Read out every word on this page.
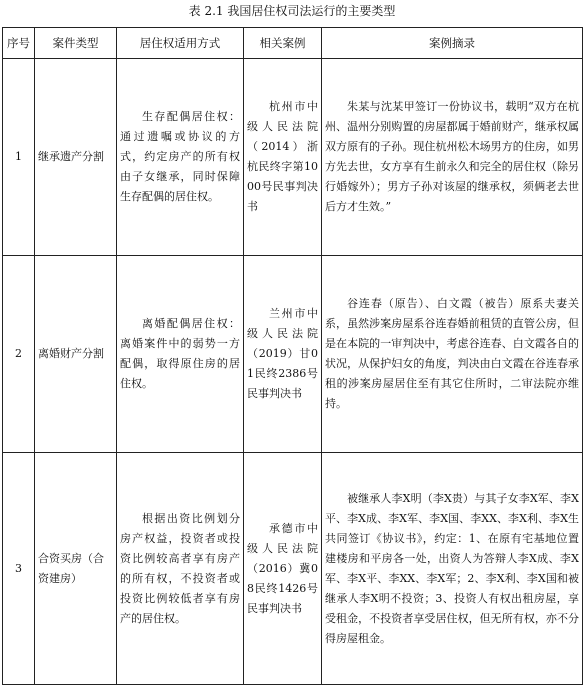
表 2.1 我国居住权司法运行的主要类型
序号	案件类型	居住权适用方式	相关案例	案例摘录
1	继承遗产分割	生存配偶居住权：通过遗嘱或协议的方式，约定房产的所有权由子女继承，同时保障生存配偶的居住权。	杭州市中级人民法院（2014）浙杭民终字第1000号民事判决书	朱某与沈某甲签订一份协议书，载明“双方在杭州、温州分别购置的房屋都属于婚前财产，继承权属双方原有的子孙。现住杭州松木场男方的住房，如男方先去世，女方享有生前永久和完全的居住权（除另行婚嫁外）；男方子孙对该屋的继承权，须俩老去世后方才生效。”
2	离婚财产分割	离婚配偶居住权：离婚案件中的弱势一方配偶，取得原住房的居住权。	兰州市中级人民法院（2019）甘01民终2386号民事判决书	谷连春（原告）、白文霞（被告）原系夫妻关系，虽然涉案房屋系谷连春婚前租赁的直管公房，但是在本院的一审判决中，考虑谷连春、白文霞各自的状况，从保护妇女的角度，判决由白文霞在谷连春承租的涉案房屋居住至有其它住所时，二审法院亦维持。
3	合资买房（合资建房）	根据出资比例划分房产权益，投资者或投资比例较高者享有房产的所有权，不投资者或投资比例较低者享有房产的居住权。	承德市中级人民法院（2016）冀08民终1426号民事判决书	被继承人李X明（李X贵）与其子女李X军、李X平、李X成、李X军、李X国、李XX、李X利、李X生共同签订《协议书》，约定：1、在原有宅基地位置建楼房和平房各一处，出资人为答辩人李X成、李X军、李X平、李XX、李X军；2、李X利、李X国和被继承人李X明不投资；3、投资人有权出租房屋，享受租金，不投资者享受居住权，但无所有权，亦不分得房屋租金。
